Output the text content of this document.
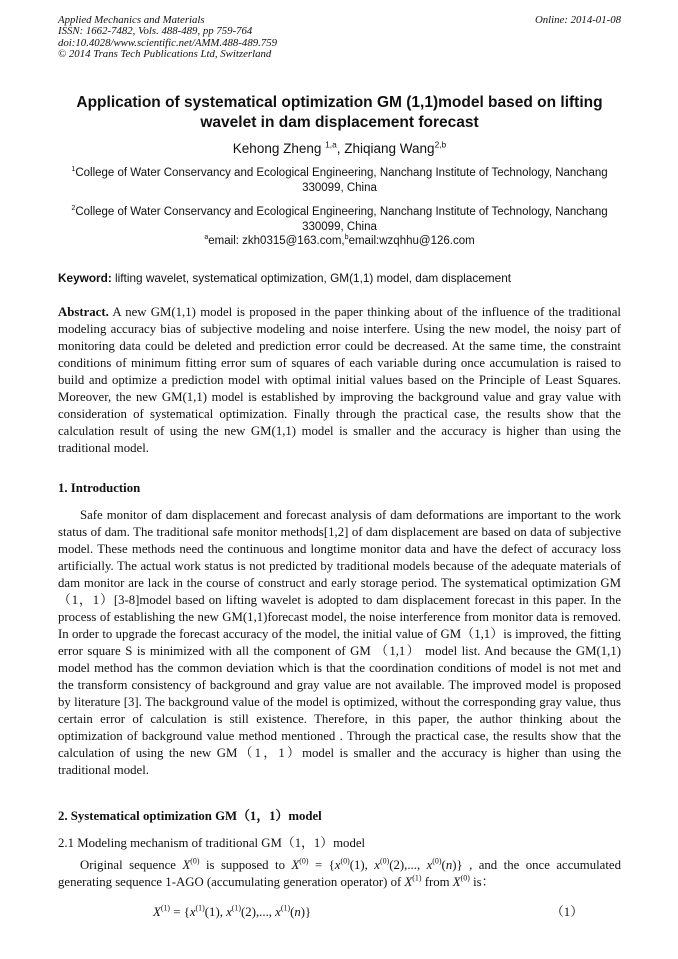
Applied Mechanics and Materials
ISSN: 1662-7482, Vols. 488-489, pp 759-764
doi:10.4028/www.scientific.net/AMM.488-489.759
© 2014 Trans Tech Publications Ltd, Switzerland
Online: 2014-01-08
Application of systematical optimization GM (1,1)model based on lifting wavelet in dam displacement forecast
Kehong Zheng $^{1,a}$, Zhiqiang Wang$^{2,b}$
$^1$College of Water Conservancy and Ecological Engineering, Nanchang Institute of Technology, Nanchang 330099, China
$^2$College of Water Conservancy and Ecological Engineering, Nanchang Institute of Technology, Nanchang 330099, China
$^a$email: zkh0315@163.com,$^b$email:wzqhhu@126.com

Keyword: lifting wavelet, systematical optimization, GM(1,1) model, dam displacement

Abstract. A new GM(1,1) model is proposed in the paper thinking about of the influence of the traditional modeling accuracy bias of subjective modeling and noise interfere. Using the new model, the noisy part of monitoring data could be deleted and prediction error could be decreased. At the same time, the constraint conditions of minimum fitting error sum of squares of each variable during once accumulation is raised to build and optimize a prediction model with optimal initial values based on the Principle of Least Squares. Moreover, the new GM(1,1) model is established by improving the background value and gray value with consideration of systematical optimization. Finally through the practical case, the results show that the calculation result of using the new GM(1,1) model is smaller and the accuracy is higher than using the traditional model.

1. Introduction

Safe monitor of dam displacement and forecast analysis of dam deformations are important to the work status of dam. The traditional safe monitor methods[1,2] of dam displacement are based on data of subjective model. These methods need the continuous and longtime monitor data and have the defect of accuracy loss artificially. The actual work status is not predicted by traditional models because of the adequate materials of dam monitor are lack in the course of construct and early storage period. The systematical optimization GM（1，1）[3-8]model based on lifting wavelet is adopted to dam displacement forecast in this paper. In the process of establishing the new GM(1,1)forecast model, the noise interference from monitor data is removed. In order to upgrade the forecast accuracy of the model, the initial value of GM（1,1）is improved, the fitting error square S is minimized with all the component of GM （1,1） model list. And because the GM(1,1) model method has the common deviation which is that the coordination conditions of model is not met and the transform consistency of background and gray value are not available. The improved model is proposed by literature [3]. The background value of the model is optimized, without the corresponding gray value, thus certain error of calculation is still existence. Therefore, in this paper, the author thinking about the optimization of background value method mentioned . Through the practical case, the results show that the calculation of using the new GM（1，1）model is smaller and the accuracy is higher than using the traditional model.

2. Systematical optimization GM（1，1）model
2.1 Modeling mechanism of traditional GM（1，1）model

Original sequence $X^{(0)}$ is supposed to $X^{(0)} = \{x^{(0)}(1)$, $x^{(0)}(2)$,..., $x^{(0)}(n)$} , and the once accumulated generating sequence 1-AGO (accumulating generation operator) of $X^{(1)}$ from $X^{(0)}$ is：

$X^{(1)} = \{x^{(1)}(1)$, $x^{(1)}(2)$,..., $x^{(1)}(n)$}	（1）
